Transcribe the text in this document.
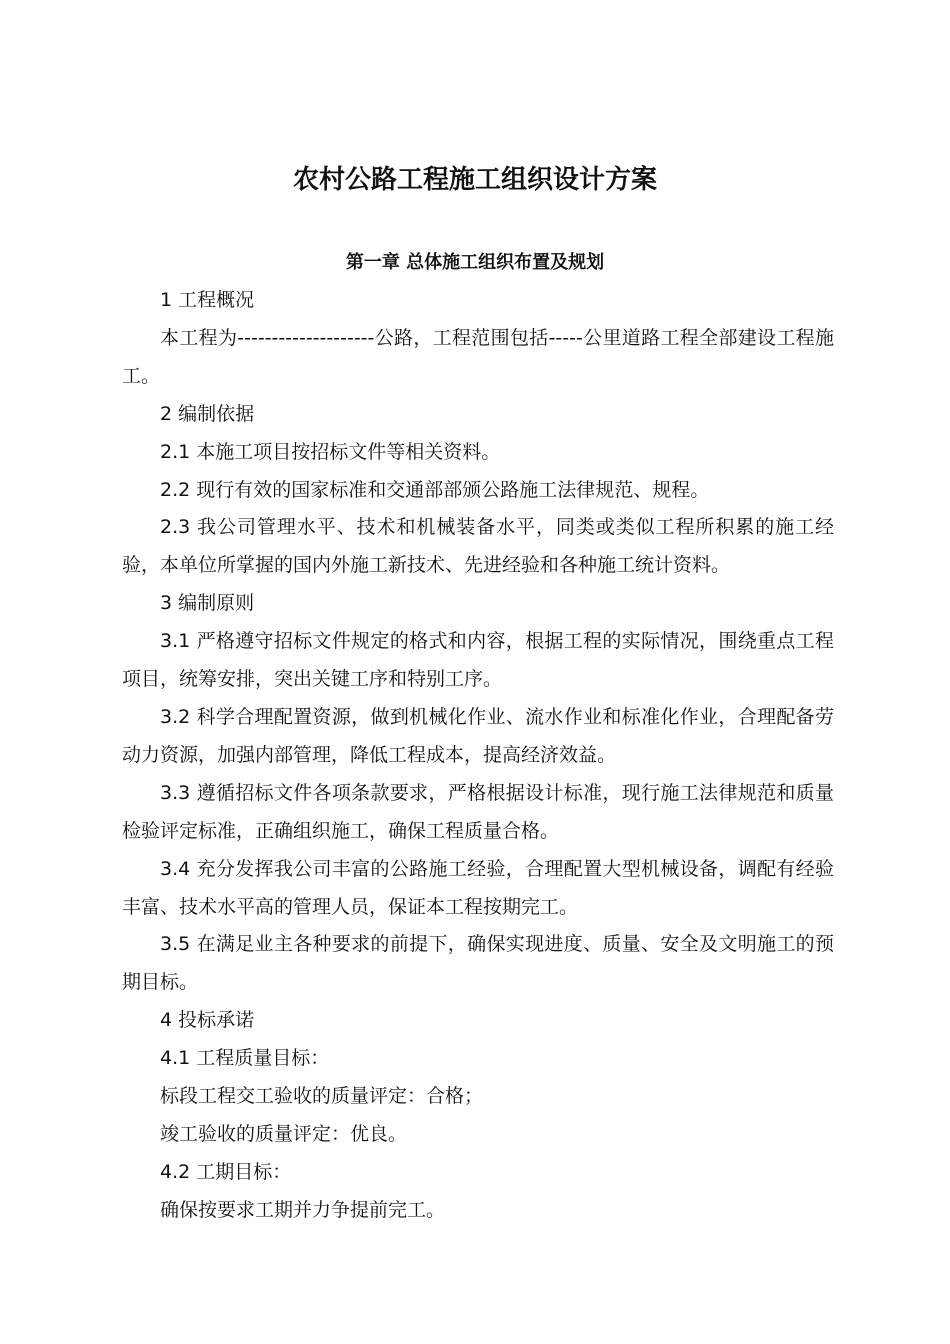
农村公路工程施工组织设计方案
第一章 总体施工组织布置及规划

1 工程概况

本工程为--------------------公路，工程范围包括-----公里道路工程全部建设工程施工。

2 编制依据

2.1 本施工项目按招标文件等相关资料。

2.2 现行有效的国家标准和交通部部颁公路施工法律规范、规程。

2.3 我公司管理水平、技术和机械装备水平，同类或类似工程所积累的施工经验，本单位所掌握的国内外施工新技术、先进经验和各种施工统计资料。

3 编制原则

3.1 严格遵守招标文件规定的格式和内容，根据工程的实际情况，围绕重点工程项目，统筹安排，突出关键工序和特别工序。

3.2 科学合理配置资源，做到机械化作业、流水作业和标准化作业，合理配备劳动力资源，加强内部管理，降低工程成本，提高经济效益。

3.3 遵循招标文件各项条款要求，严格根据设计标准，现行施工法律规范和质量检验评定标准，正确组织施工，确保工程质量合格。

3.4 充分发挥我公司丰富的公路施工经验，合理配置大型机械设备，调配有经验丰富、技术水平高的管理人员，保证本工程按期完工。

3.5 在满足业主各种要求的前提下，确保实现进度、质量、安全及文明施工的预期目标。

4 投标承诺

4.1 工程质量目标：

标段工程交工验收的质量评定：合格；

竣工验收的质量评定：优良。

4.2 工期目标：

确保按要求工期并力争提前完工。
